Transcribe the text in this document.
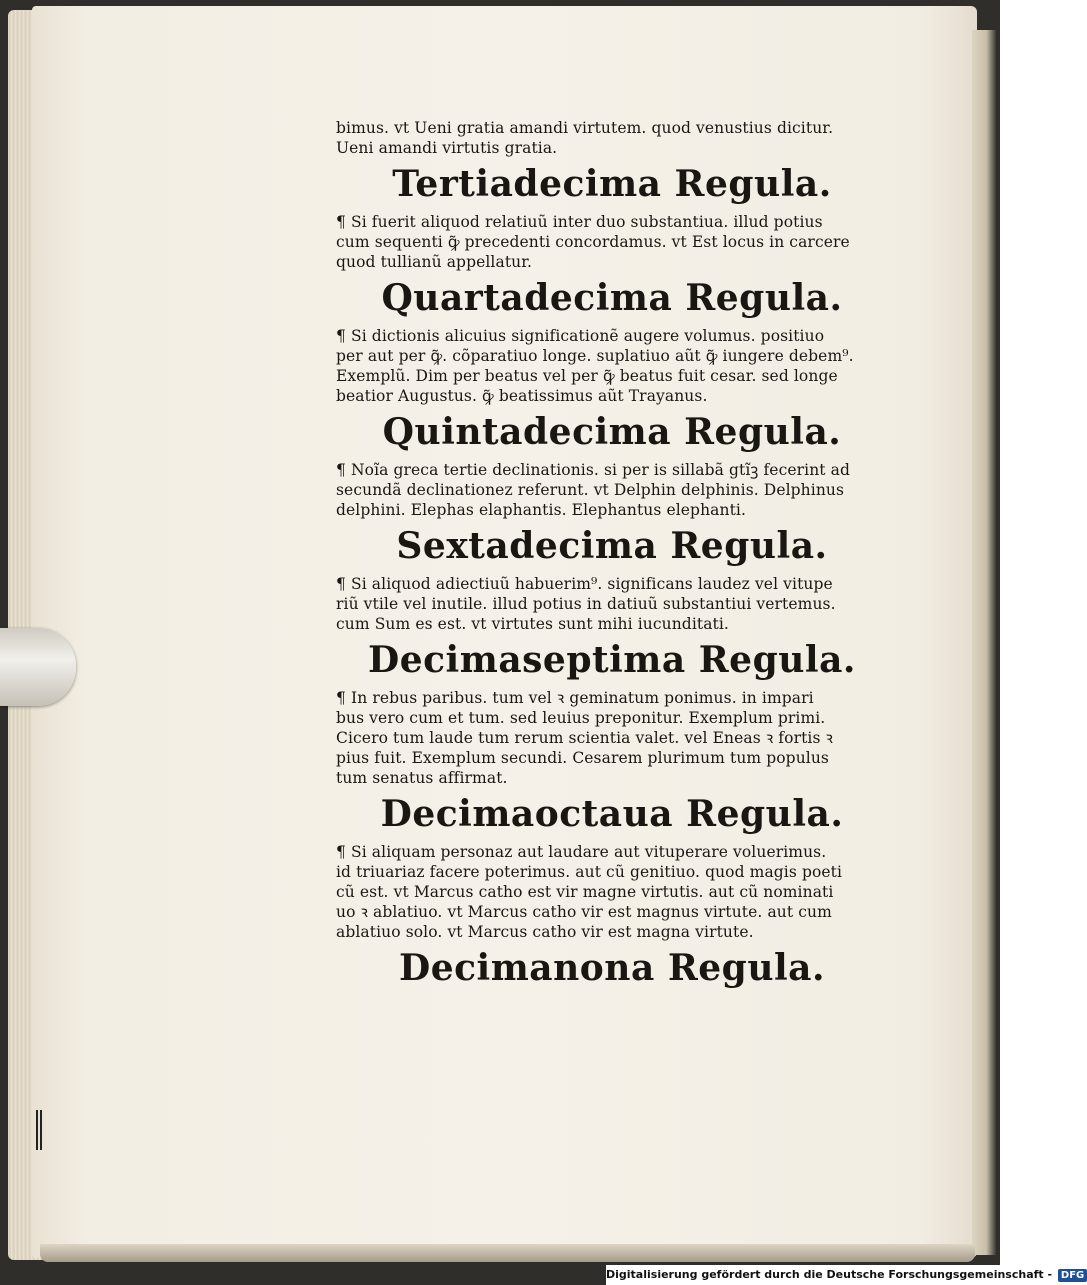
bimus. vt Ueni gratia amandi virtutem. quod venustius dicitur.
Ueni amandi virtutis gratia.
Tertiadecima Regula.
¶ Si fuerit aliquod relatiuũ inter duo substantiua. illud potius
cum sequenti ꝙ̃ precedenti concordamus. vt Est locus in carcere
quod tullianũ appellatur.
Quartadecima Regula.
¶ Si dictionis alicuius significationẽ augere volumus. positiuo
per aut per ꝙ̃. cõparatiuo longe. suplatiuo aũt ꝙ̃ iungere debem⁹.
Exemplũ. Dim per beatus vel per ꝙ̃ beatus fuit cesar. sed longe
beatior Augustus. ꝙ̃ beatissimus aũt Trayanus.
Quintadecima Regula.
¶ Noĩa greca tertie declinationis. si per is sillabã gtĩꝫ fecerint ad
secundã declinationez referunt. vt Delphin delphinis. Delphinus
delphini. Elephas elaphantis. Elephantus elephanti.
Sextadecima Regula.
¶ Si aliquod adiectiuũ habuerim⁹. significans laudez vel vitupe
riũ vtile vel inutile. illud potius in datiuũ substantiui vertemus.
cum Sum es est. vt virtutes sunt mihi iucunditati.
Decimaseptima Regula.
¶ In rebus paribus. tum vel ꝛ geminatum ponimus. in impari
bus vero cum et tum. sed leuius preponitur. Exemplum primi.
Cicero tum laude tum rerum scientia valet. vel Eneas ꝛ fortis ꝛ
pius fuit. Exemplum secundi. Cesarem plurimum tum populus
tum senatus affirmat.
Decimaoctaua Regula.
¶ Si aliquam personaz aut laudare aut vituperare voluerimus.
id triuariaz facere poterimus. aut cũ genitiuo. quod magis poeti
cũ est. vt Marcus catho est vir magne virtutis. aut cũ nominati
uo ꝛ ablatiuo. vt Marcus catho vir est magnus virtute. aut cum
ablatiuo solo. vt Marcus catho vir est magna virtute.
Decimanona Regula.
Digitalisierung gefördert durch die Deutsche Forschungsgemeinschaft - DFG
